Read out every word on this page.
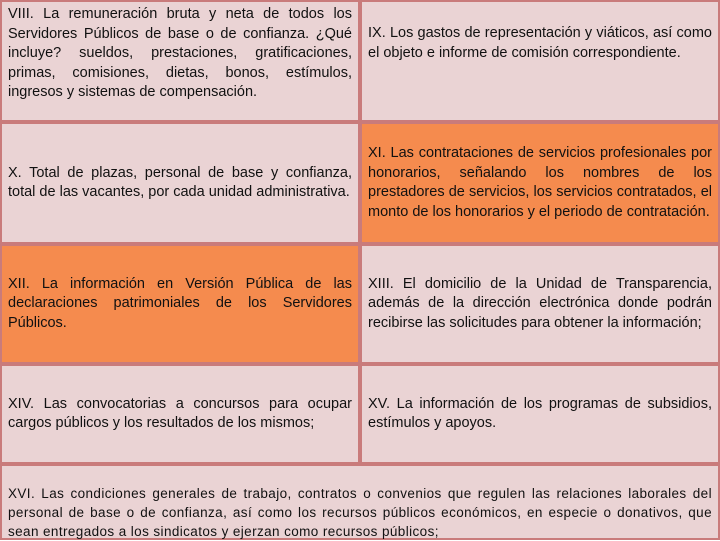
VIII. La remuneración bruta y neta de todos los Servidores Públicos de base o de confianza. ¿Qué incluye? sueldos, prestaciones, gratificaciones, primas, comisiones, dietas, bonos, estímulos, ingresos y sistemas de compensación.
IX. Los gastos de representación y viáticos, así como el objeto e informe de comisión correspondiente.
X. Total de plazas, personal de base y confianza, total de las vacantes, por cada unidad administrativa.
XI. Las contrataciones de servicios profesionales por honorarios, señalando los nombres de los prestadores de servicios, los servicios contratados, el monto de los honorarios y el periodo de contratación.
XII. La información en Versión Pública de las declaraciones patrimoniales de los Servidores Públicos.
XIII. El domicilio de la Unidad de Transparencia, además de la dirección electrónica donde podrán recibirse las solicitudes para obtener la información;
XIV. Las convocatorias a concursos para ocupar cargos públicos y los resultados de los mismos;
XV. La información de los programas de subsidios, estímulos y apoyos.
XVI. Las condiciones generales de trabajo, contratos o convenios que regulen las relaciones laborales del personal de base o de confianza, así como los recursos públicos económicos, en especie o donativos, que sean entregados a los sindicatos y ejerzan como recursos públicos;
